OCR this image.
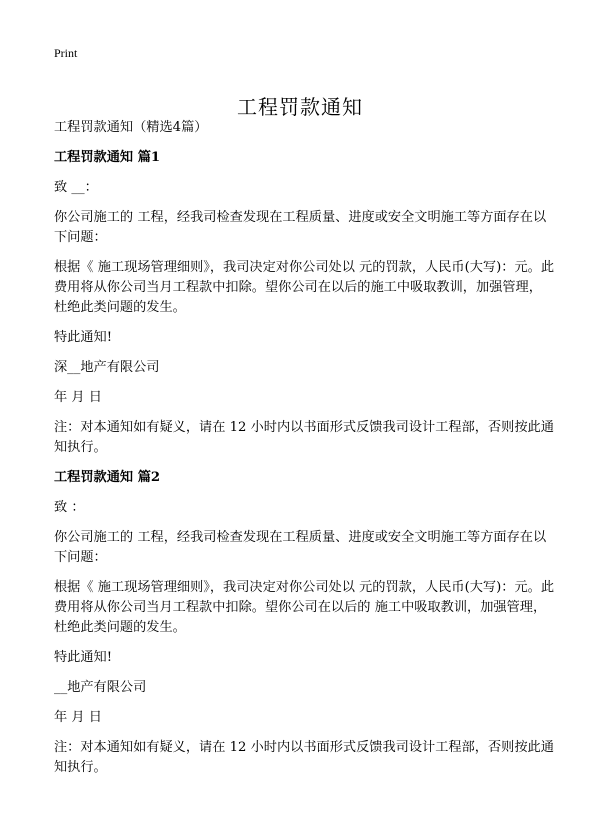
Print
工程罚款通知

工程罚款通知（精选4篇）

工程罚款通知 篇1

致 __：

你公司施工的 工程，经我司检查发现在工程质量、进度或安全文明施工等方面存在以下问题：

根据《 施工现场管理细则》，我司决定对你公司处以 元的罚款，人民币(大写)：元。此费用将从你公司当月工程款中扣除。望你公司在以后的施工中吸取教训，加强管理，杜绝此类问题的发生。

特此通知!

深__地产有限公司

年 月 日

注：对本通知如有疑义，请在 12 小时内以书面形式反馈我司设计工程部，否则按此通知执行。

工程罚款通知 篇2

致 ：

你公司施工的 工程，经我司检查发现在工程质量、进度或安全文明施工等方面存在以下问题：

根据《 施工现场管理细则》，我司决定对你公司处以 元的罚款，人民币(大写)：元。此费用将从你公司当月工程款中扣除。望你公司在以后的 施工中吸取教训，加强管理，杜绝此类问题的发生。

特此通知!

__地产有限公司

年 月 日

注：对本通知如有疑义，请在 12 小时内以书面形式反馈我司设计工程部，否则按此通知执行。
